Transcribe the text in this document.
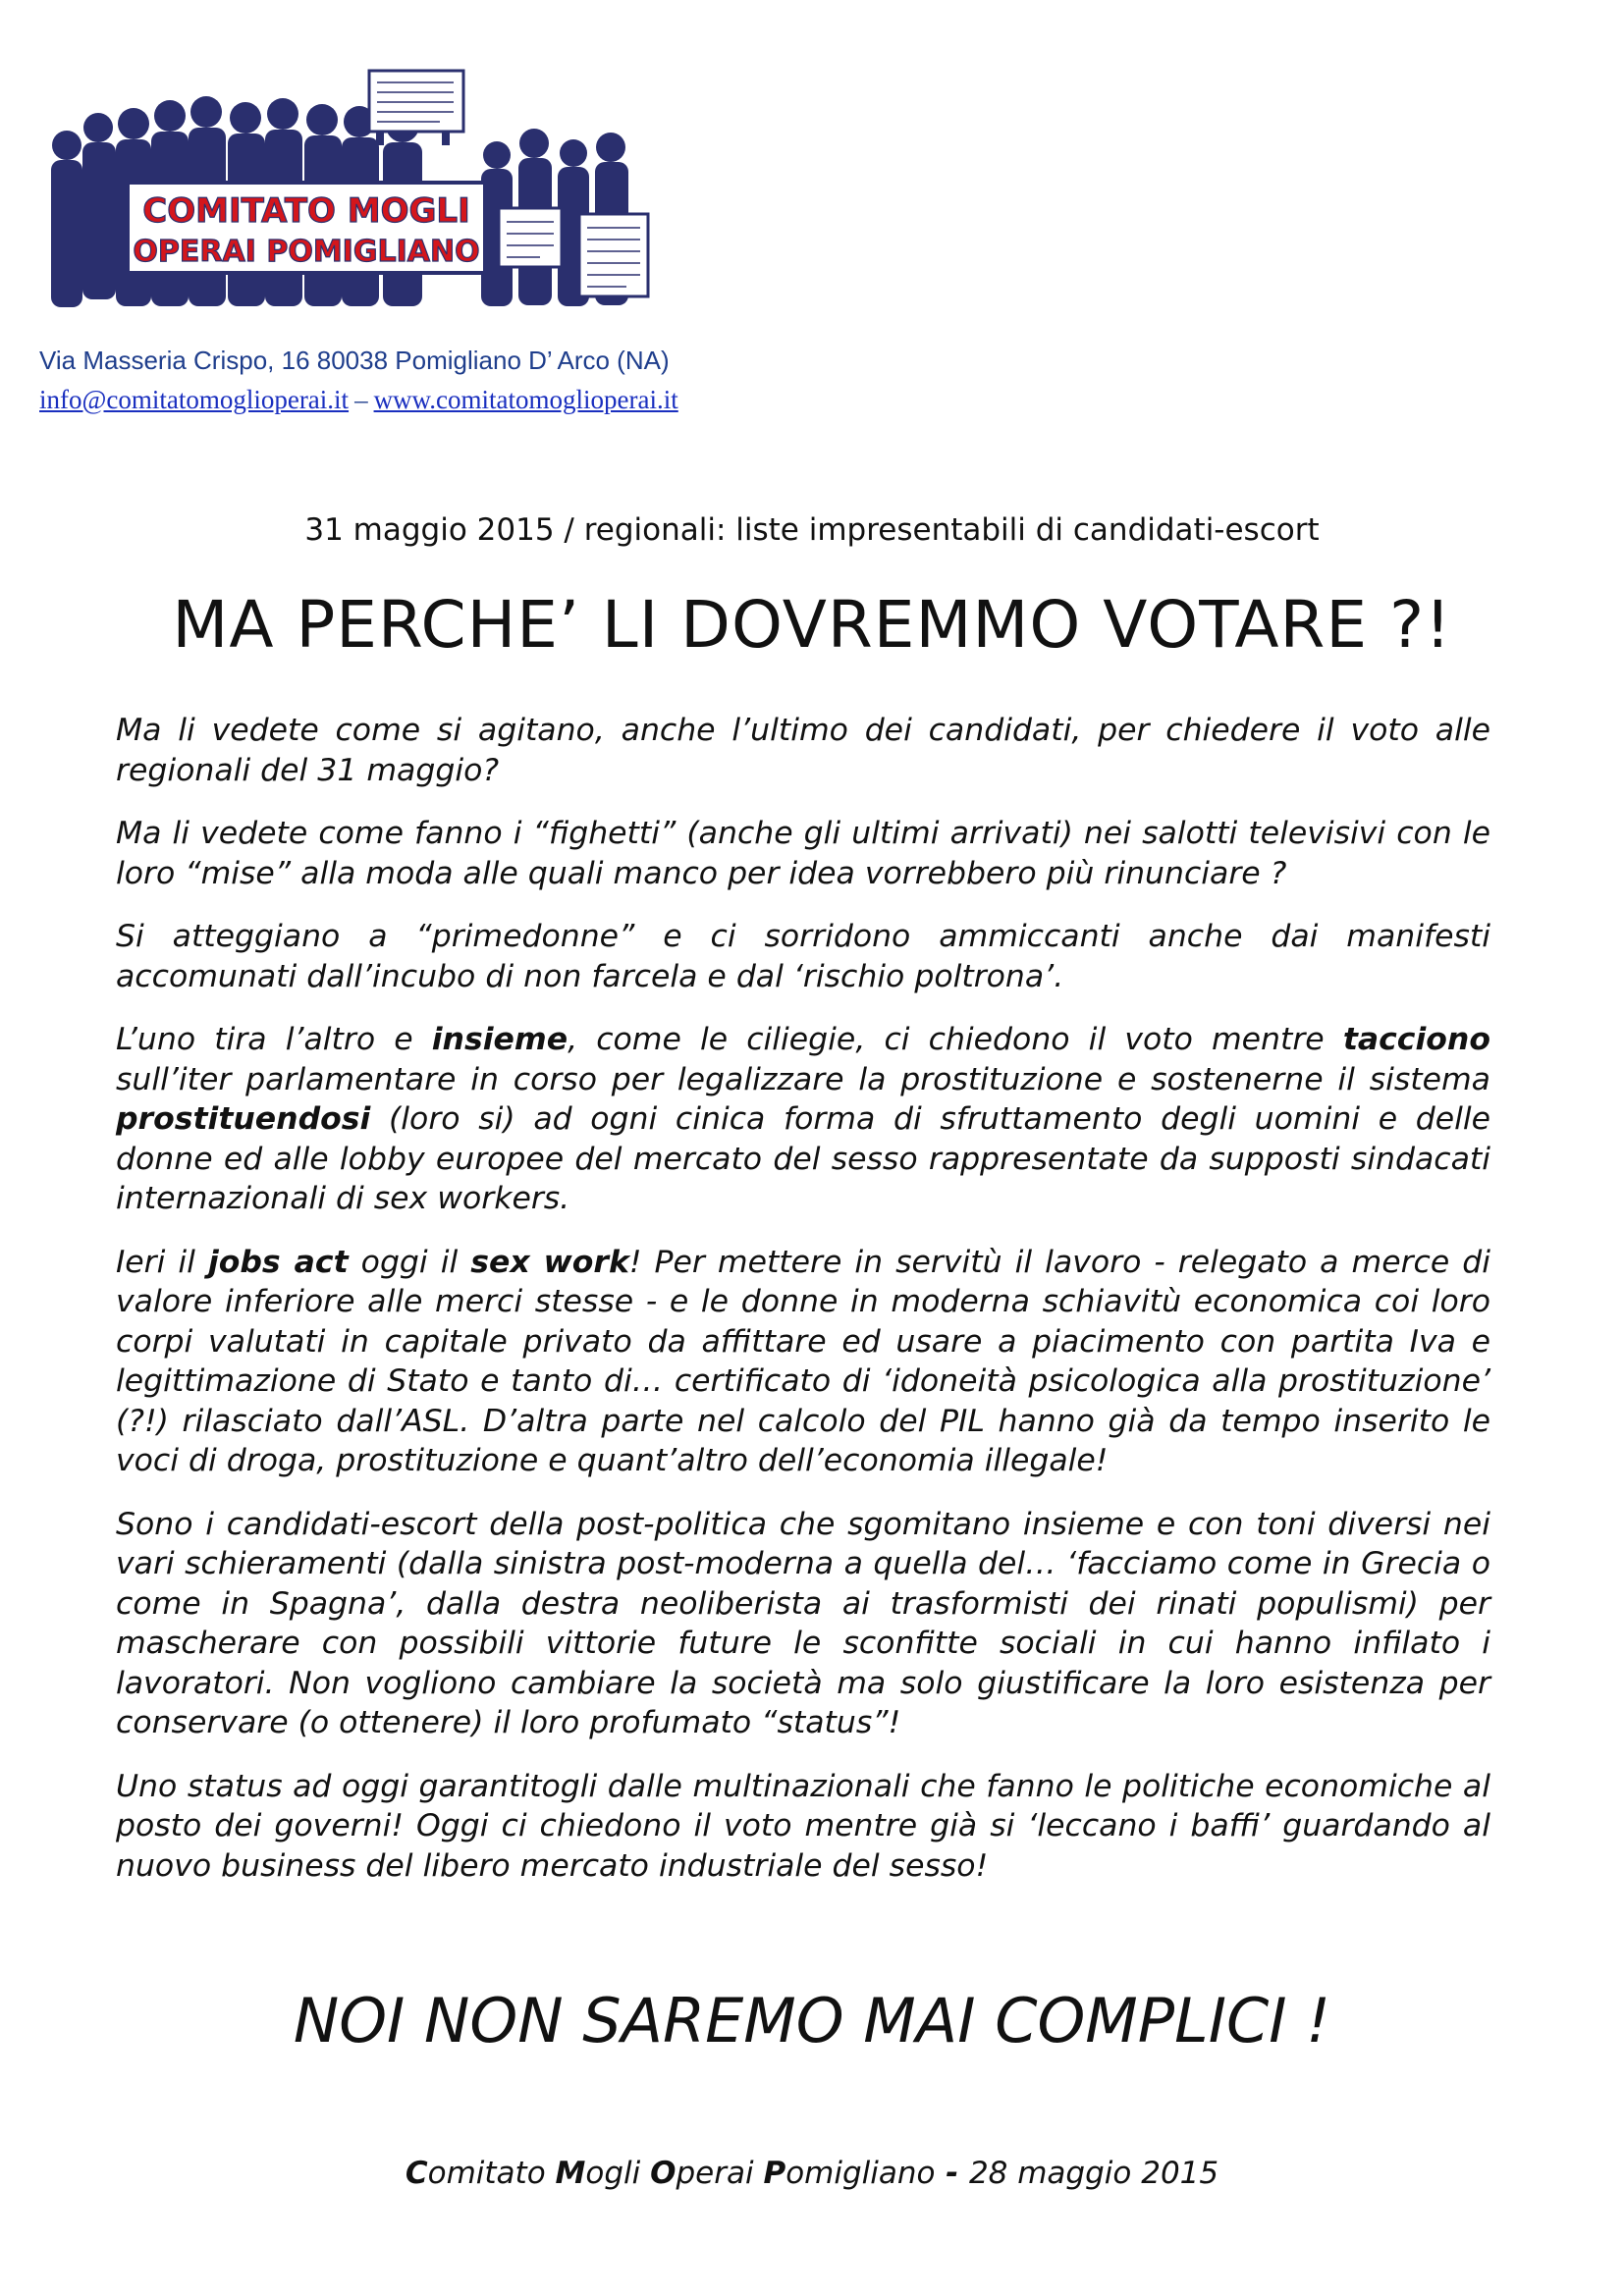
COMITATO MOGLI
OPERAI POMIGLIANO
Via Masseria Crispo, 16 80038 Pomigliano D’ Arco (NA)
info@comitatomoglioperai.it – www.comitatomoglioperai.it
31 maggio 2015 / regionali: liste impresentabili di candidati-escort
MA PERCHE’ LI DOVREMMO VOTARE ?!

Ma li vedete come si agitano, anche l’ultimo dei candidati, per chiedere il voto alle regionali del 31 maggio?

Ma li vedete come fanno i “fighetti” (anche gli ultimi arrivati) nei salotti televisivi con le loro “mise” alla moda alle quali manco per idea vorrebbero più rinunciare ?

Si atteggiano a “primedonne” e ci sorridono ammiccanti anche dai manifesti accomunati dall’incubo di non farcela e dal ‘rischio poltrona’.

L’uno tira l’altro e insieme, come le ciliegie, ci chiedono il voto mentre tacciono sull’iter parlamentare in corso per legalizzare la prostituzione e sostenerne il sistema prostituendosi (loro si) ad ogni cinica forma di sfruttamento degli uomini e delle donne ed alle lobby europee del mercato del sesso rappresentate da supposti sindacati internazionali di sex workers.

Ieri il jobs act oggi il sex work! Per mettere in servitù il lavoro - relegato a merce di valore inferiore alle merci stesse - e le donne in moderna schiavitù economica coi loro corpi valutati in capitale privato da affittare ed usare a piacimento con partita Iva e legittimazione di Stato e tanto di… certificato di ‘idoneità psicologica alla prostituzione’ (?!) rilasciato dall’ASL. D’altra parte nel calcolo del PIL hanno già da tempo inserito le voci di droga, prostituzione e quant’altro dell’economia illegale!

Sono i candidati-escort della post-politica che sgomitano insieme e con toni diversi nei vari schieramenti (dalla sinistra post-moderna a quella del… ‘facciamo come in Grecia o come in Spagna’, dalla destra neoliberista ai trasformisti dei rinati populismi) per mascherare con possibili vittorie future le sconfitte sociali in cui hanno infilato i lavoratori. Non vogliono cambiare la società ma solo giustificare la loro esistenza per conservare (o ottenere) il loro profumato “status”!

Uno status ad oggi garantitogli dalle multinazionali che fanno le politiche economiche al posto dei governi! Oggi ci chiedono il voto mentre già si ‘leccano i baffi’ guardando al nuovo business del libero mercato industriale del sesso!

NOI NON SAREMO MAI COMPLICI !
Comitato Mogli Operai Pomigliano - 28 maggio 2015
